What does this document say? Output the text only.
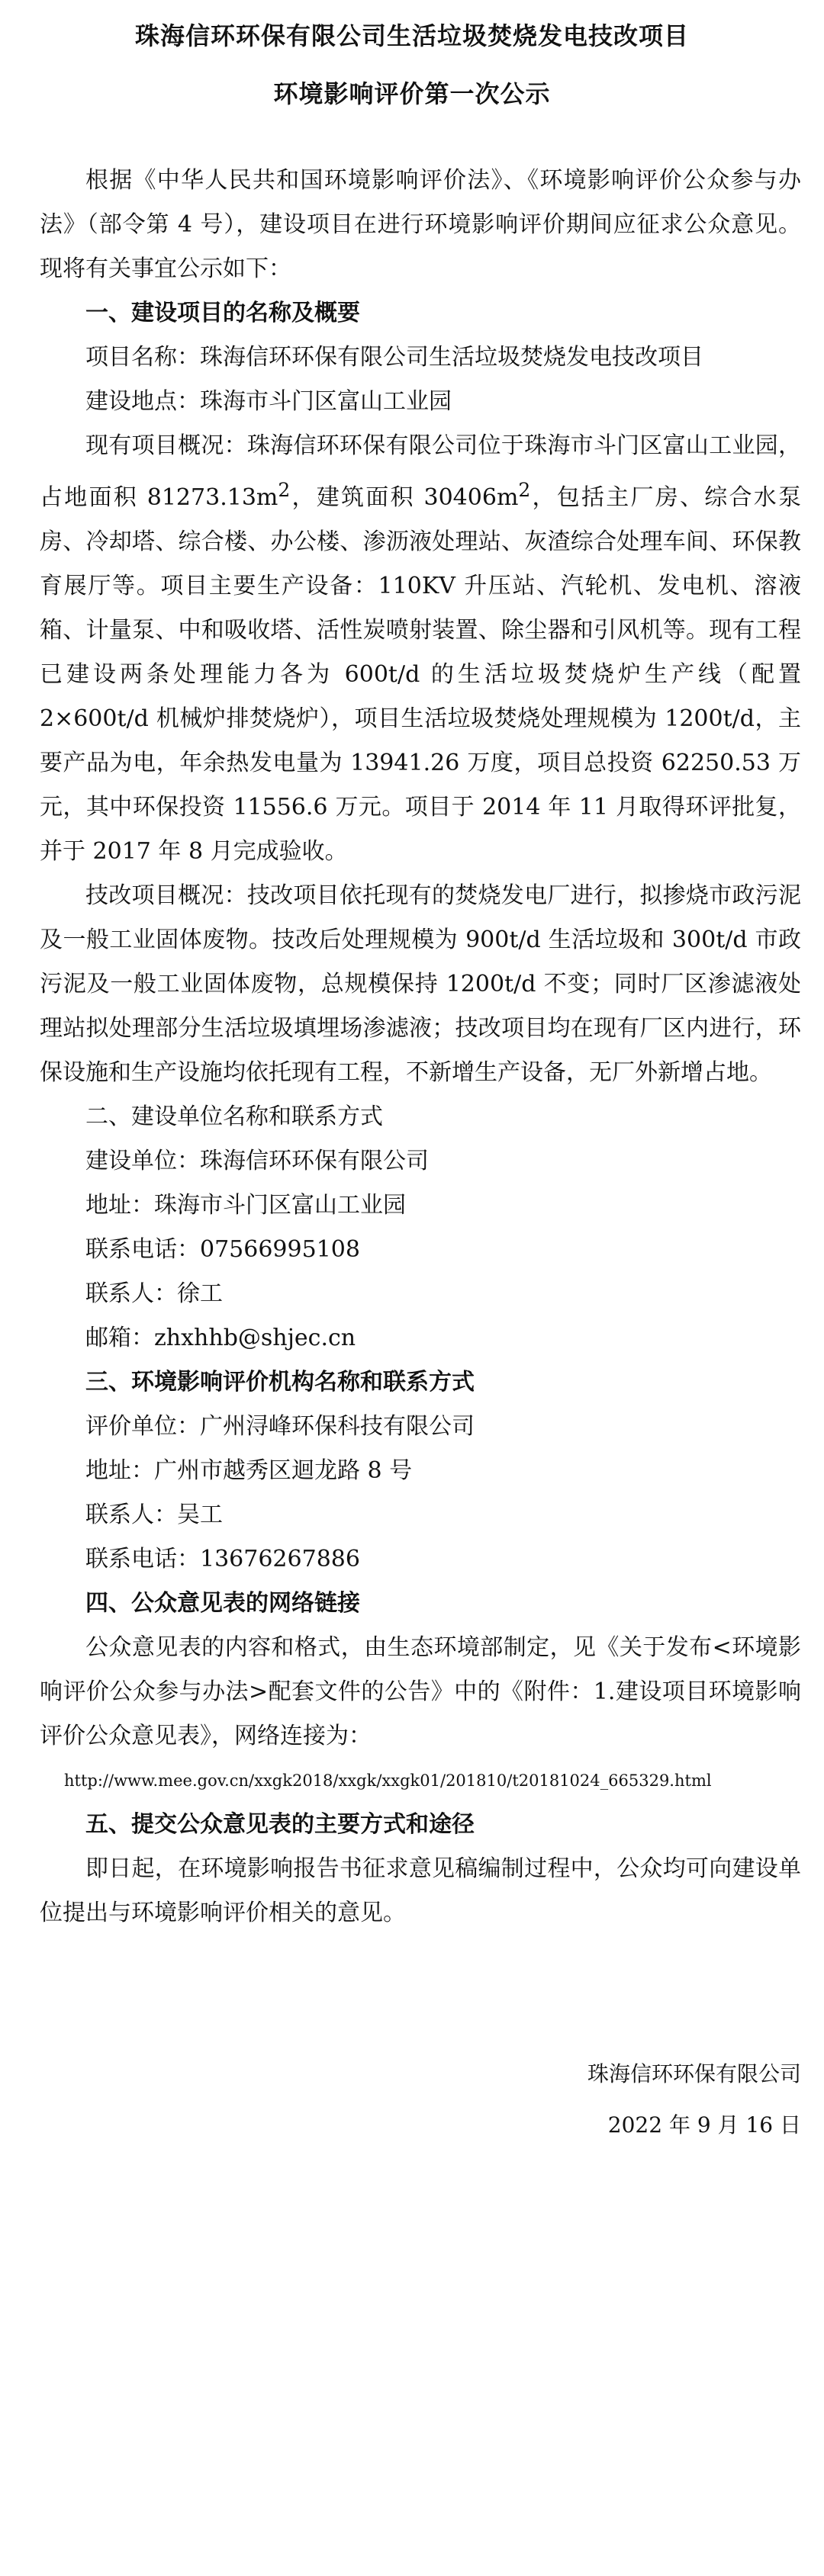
珠海信环环保有限公司生活垃圾焚烧发电技改项目
环境影响评价第一次公示

根据《中华人民共和国环境影响评价法》、《环境影响评价公众参与办法》（部令第 4 号），建设项目在进行环境影响评价期间应征求公众意见。现将有关事宜公示如下：

一、建设项目的名称及概要

项目名称：珠海信环环保有限公司生活垃圾焚烧发电技改项目

建设地点：珠海市斗门区富山工业园

现有项目概况：珠海信环环保有限公司位于珠海市斗门区富山工业园，占地面积 $81273.13m^2$，建筑面积 $30406m^2$，包括主厂房、综合水泵房、冷却塔、综合楼、办公楼、渗沥液处理站、灰渣综合处理车间、环保教育展厅等。项目主要生产设备：110KV 升压站、汽轮机、发电机、溶液箱、计量泵、中和吸收塔、活性炭喷射装置、除尘器和引风机等。现有工程已建设两条处理能力各为 600t/d 的生活垃圾焚烧炉生产线（配置 2×600t/d 机械炉排焚烧炉），项目生活垃圾焚烧处理规模为 1200t/d，主要产品为电，年余热发电量为 13941.26 万度，项目总投资 62250.53 万元，其中环保投资 11556.6 万元。项目于 2014 年 11 月取得环评批复，并于 2017 年 8 月完成验收。

技改项目概况：技改项目依托现有的焚烧发电厂进行，拟掺烧市政污泥及一般工业固体废物。技改后处理规模为 900t/d 生活垃圾和 300t/d 市政污泥及一般工业固体废物，总规模保持 1200t/d 不变；同时厂区渗滤液处理站拟处理部分生活垃圾填埋场渗滤液；技改项目均在现有厂区内进行，环保设施和生产设施均依托现有工程，不新增生产设备，无厂外新增占地。

二、建设单位名称和联系方式

建设单位：珠海信环环保有限公司

地址：珠海市斗门区富山工业园

联系电话：07566995108

联系人：徐工

邮箱：zhxhhb@shjec.cn

三、环境影响评价机构名称和联系方式

评价单位：广州浔峰环保科技有限公司

地址：广州市越秀区迴龙路 8 号

联系人：吴工

联系电话：13676267886

四、公众意见表的网络链接

公众意见表的内容和格式，由生态环境部制定，见《关于发布<环境影响评价公众参与办法>配套文件的公告》中的《附件：1.建设项目环境影响评价公众意见表》，网络连接为：

http://www.mee.gov.cn/xxgk2018/xxgk/xxgk01/201810/t20181024_665329.html

五、提交公众意见表的主要方式和途径

即日起，在环境影响报告书征求意见稿编制过程中，公众均可向建设单位提出与环境影响评价相关的意见。

珠海信环环保有限公司
2022 年 9 月 16 日
